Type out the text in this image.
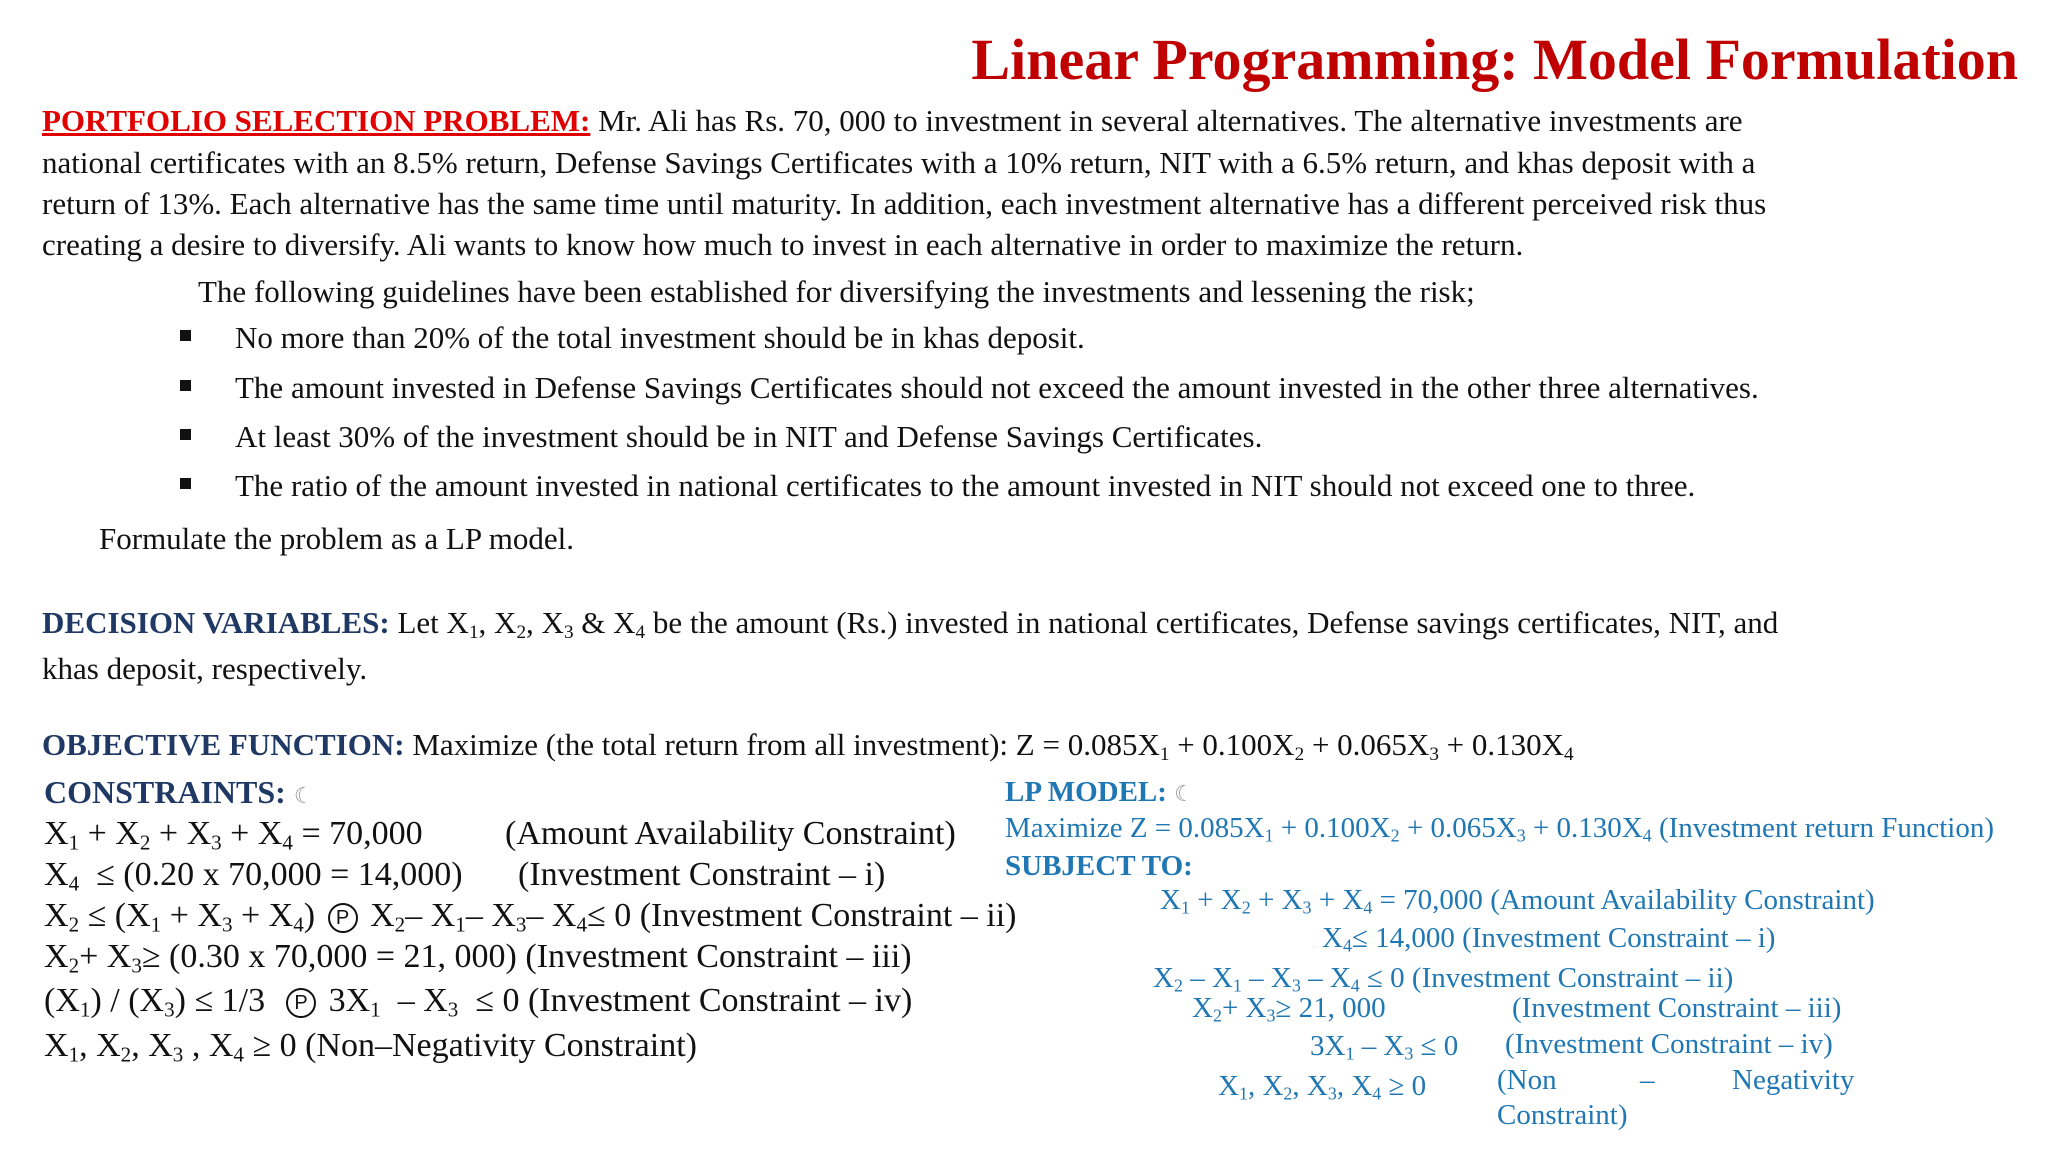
Linear Programming: Model Formulation
PORTFOLIO SELECTION PROBLEM: Mr. Ali has Rs. 70, 000 to investment in several alternatives. The alternative investments are
national certificates with an 8.5% return, Defense Savings Certificates with a 10% return, NIT with a 6.5% return, and khas deposit with a
return of 13%. Each alternative has the same time until maturity. In addition, each investment alternative has a different perceived risk thus
creating a desire to diversify. Ali wants to know how much to invest in each alternative in order to maximize the return.
The following guidelines have been established for diversifying the investments and lessening the risk;
No more than 20% of the total investment should be in khas deposit.
The amount invested in Defense Savings Certificates should not exceed the amount invested in the other three alternatives.
At least 30% of the investment should be in NIT and Defense Savings Certificates.
The ratio of the amount invested in national certificates to the amount invested in NIT should not exceed one to three.
Formulate the problem as a LP model.
DECISION VARIABLES: Let $X_1$, $X_2$, $X_3$ & $X_4$ be the amount (Rs.) invested in national certificates, Defense savings certificates, NIT, and
khas deposit, respectively.
OBJECTIVE FUNCTION: Maximize (the total return from all investment): $Z = 0.085X_1 + 0.100X_2 + 0.065X_3 + 0.130X_4$
CONSTRAINTS: ☾
$X_1 + X_2 + X_3 + X_4 = 70,000$ (Amount Availability Constraint)
$X_4 \le (0.20$ x 70,000 = 14,000) (Investment Constraint – i)
$X_2 \le (X_1 + X_3 + X_4)$ P $X_2-$ $X_1-$ $X_3-$ $X_4\le 0$ (Investment Constraint – ii)
$X_2+ X_3\ge (0.30$ x 70,000 = 21, 000) (Investment Constraint – iii)
$(X_1) / (X_3) \le 1/3$  P $3X_1 - X_3 \le 0$ (Investment Constraint – iv)
$X_1$, $X_2$, $X_3$ , $X_4 \ge 0$ (Non–Negativity Constraint)
LP MODEL: ☾
Maximize $Z = 0.085X_1 + 0.100X_2 + 0.065X_3 + 0.130X_4$ (Investment return Function)
SUBJECT TO:
$X_1 + X_2 + X_3 + X_4 = 70,000$ (Amount Availability Constraint)
$X_4\le 14,000$ (Investment Constraint – i)
$X_2 - X_1 - X_3 - X_4 \le 0$ (Investment Constraint – ii)
$X_2+ X_3\ge 21$, 000	(Investment Constraint – iii)
$3X_1 - X_3 \le 0$ (Investment Constraint – iv)
$X_1$, $X_2$, $X_3$, $X_4 \ge 0$ (Non	–	Negativity
Constraint)
